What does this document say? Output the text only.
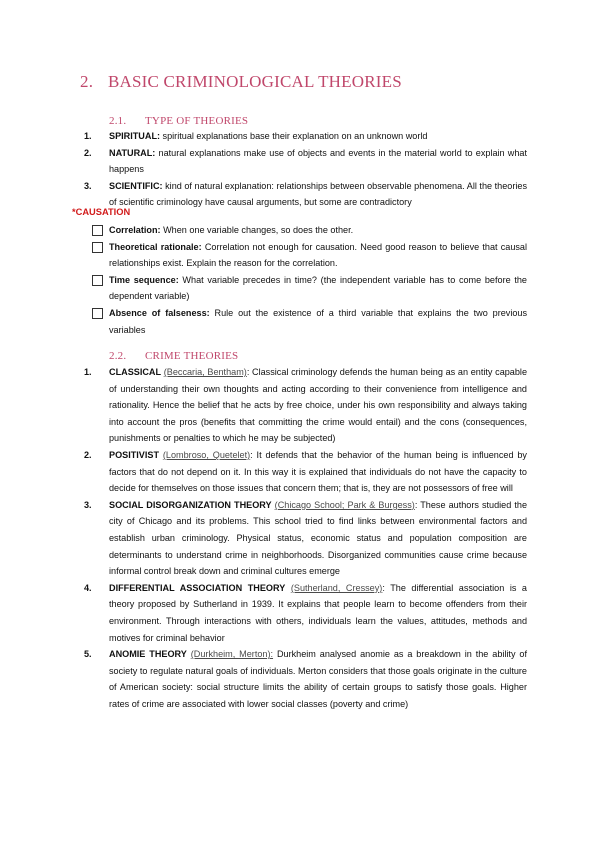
2. BASIC CRIMINOLOGICAL THEORIES
2.1. TYPE OF THEORIES
1. SPIRITUAL: spiritual explanations base their explanation on an unknown world
2. NATURAL: natural explanations make use of objects and events in the material world to explain what happens
3. SCIENTIFIC: kind of natural explanation: relationships between observable phenomena. All the theories of scientific criminology have causal arguments, but some are contradictory
*CAUSATION
Correlation: When one variable changes, so does the other.
Theoretical rationale: Correlation not enough for causation. Need good reason to believe that causal relationships exist. Explain the reason for the correlation.
Time sequence: What variable precedes in time? (the independent variable has to come before the dependent variable)
Absence of falseness: Rule out the existence of a third variable that explains the two previous variables
2.2. CRIME THEORIES
1. CLASSICAL (Beccaria, Bentham): Classical criminology defends the human being as an entity capable of understanding their own thoughts and acting according to their convenience from intelligence and rationality. Hence the belief that he acts by free choice, under his own responsibility and always taking into account the pros (benefits that committing the crime would entail) and the cons (consequences, punishments or penalties to which he may be subjected)
2. POSITIVIST (Lombroso, Quetelet): It defends that the behavior of the human being is influenced by factors that do not depend on it. In this way it is explained that individuals do not have the capacity to decide for themselves on those issues that concern them; that is, they are not possessors of free will
3. SOCIAL DISORGANIZATION THEORY (Chicago School; Park & Burgess): These authors studied the city of Chicago and its problems. This school tried to find links between environmental factors and establish urban criminology. Physical status, economic status and population composition are determinants to understand crime in neighborhoods. Disorganized communities cause crime because informal control break down and criminal cultures emerge
4. DIFFERENTIAL ASSOCIATION THEORY (Sutherland, Cressey): The differential association is a theory proposed by Sutherland in 1939. It explains that people learn to become offenders from their environment. Through interactions with others, individuals learn the values, attitudes, methods and motives for criminal behavior
5. ANOMIE THEORY (Durkheim, Merton): Durkheim analysed anomie as a breakdown in the ability of society to regulate natural goals of individuals. Merton considers that those goals originate in the culture of American society: social structure limits the ability of certain groups to satisfy those goals. Higher rates of crime are associated with lower social classes (poverty and crime)
